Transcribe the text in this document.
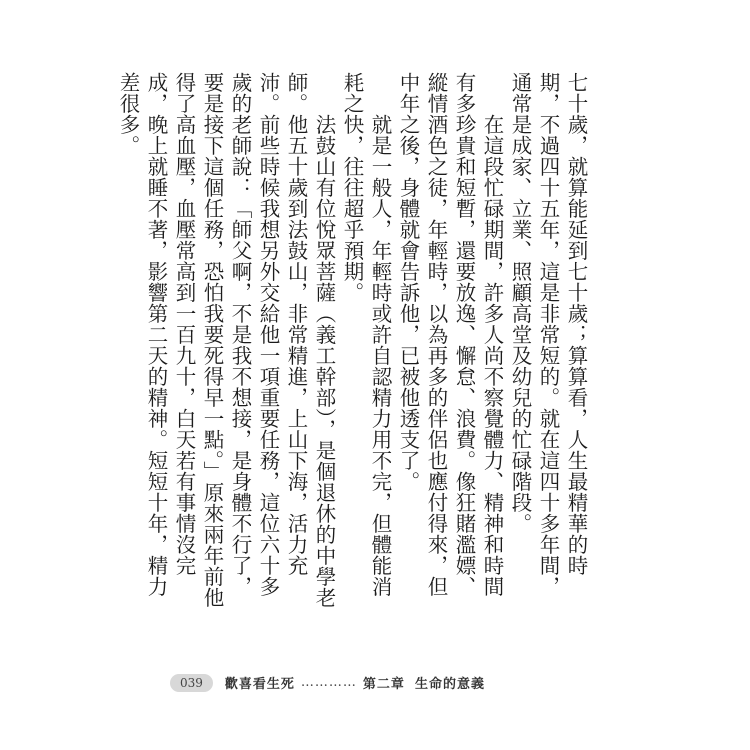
七十歲，就算能延到七十歲；算算看，人生最精華的時期，不過四十五年，這是非常短的。就在這四十多年間，通常是成家、立業、照顧高堂及幼兒的忙碌階段。

　　在這段忙碌期間，許多人尚不察覺體力、精神和時間有多珍貴和短暫，還要放逸、懈怠、浪費。像狂賭濫嫖、縱情酒色之徒，年輕時，以為再多的伴侶也應付得來，但中年之後，身體就會告訴他，已被他透支了。

　　就是一般人，年輕時或許自認精力用不完，但體能消耗之快，往往超乎預期。

　　法鼓山有位悅眾菩薩（義工幹部），是個退休的中學老師。他五十歲到法鼓山，非常精進，上山下海，活力充沛。前些時候我想另外交給他一項重要任務，這位六十多歲的老師說：「師父啊，不是我不想接，是身體不行了，要是接下這個任務，恐怕我要死得早一點。」原來兩年前他得了高血壓，血壓常高到一百九十，白天若有事情沒完成，晚上就睡不著，影響第二天的精神。短短十年，精力差很多。

039	歡喜看生死 ………… 第二章 生命的意義
